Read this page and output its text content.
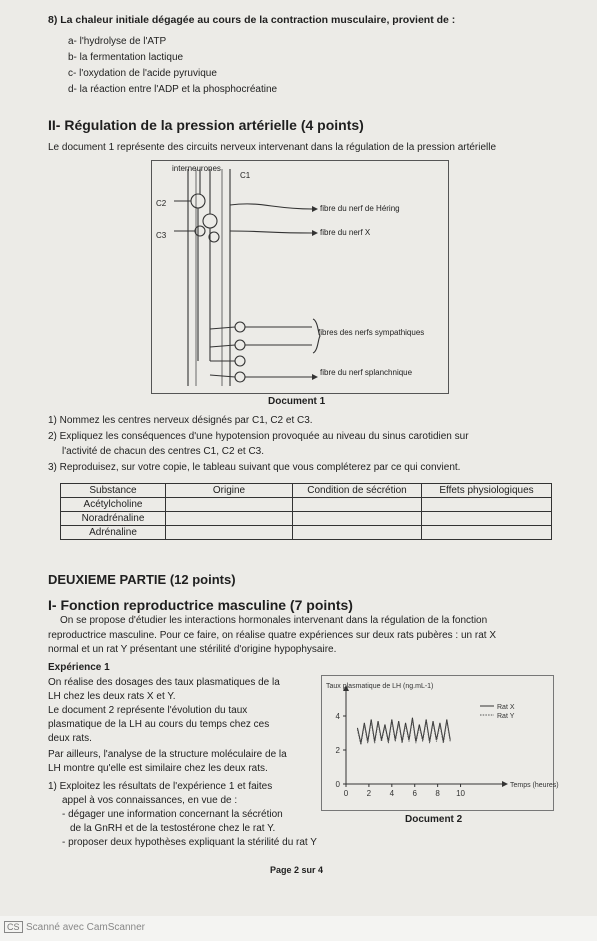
8) La chaleur initiale dégagée au cours de la contraction musculaire, provient de :
a- l'hydrolyse de l'ATP
b- la fermentation lactique
c- l'oxydation de l'acide pyruvique
d- la réaction entre l'ADP et la phosphocréatine
II- Régulation de la pression artérielle (4 points)
Le document 1 représente des circuits nerveux intervenant dans la régulation de la pression artérielle
interneurones
C1
C2
C3
fibre du nerf de Héring
fibre du nerf X
fibres des nerfs sympathiques
fibre du nerf splanchnique
Document 1
1) Nommez les centres nerveux désignés par C1, C2 et C3.
2) Expliquez les conséquences d'une hypotension provoquée au niveau du sinus carotidien sur
l'activité de chacun des centres C1, C2 et C3.
3) Reproduisez, sur votre copie, le tableau suivant que vous compléterez par ce qui convient.
Substance	Origine	Condition de sécrétion	Effets physiologiques
Acétylcholine			
Noradrénaline			
Adrénaline			
DEUXIEME PARTIE (12 points)
I- Fonction reproductrice masculine (7 points)
On se propose d'étudier les interactions hormonales intervenant dans la régulation de la fonction
reproductrice masculine. Pour ce faire, on réalise quatre expériences sur deux rats pubères : un rat X
normal et un rat Y présentant une stérilité d'origine hypophysaire.
Expérience 1
On réalise des dosages des taux plasmatiques de la
LH chez les deux rats X et Y.
Le document 2 représente l'évolution du taux
plasmatique de la LH au cours du temps chez ces
deux rats.
Par ailleurs, l'analyse de la structure moléculaire de la
LH montre qu'elle est similaire chez les deux rats.
1) Exploitez les résultats de l'expérience 1 et faites
appel à vos connaissances, en vue de :
- dégager une information concernant la sécrétion
de la GnRH et de la testostérone chez le rat Y.
- proposer deux hypothèses expliquant la stérilité du rat Y
0 2 4 6 8 10
0
2
4
Taux plasmatique de LH (ng.mL-1)
Temps (heures)
Rat X
Rat Y
Document 2
Page 2 sur 4
CS Scanné avec CamScanner
